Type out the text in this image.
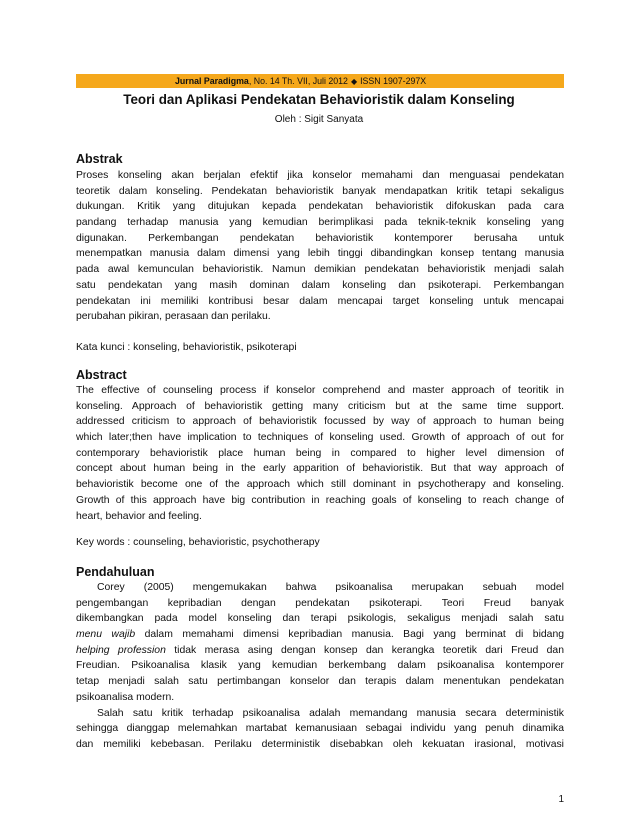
Jurnal Paradigma, No. 14 Th. VII, Juli 2012 ◆ ISSN 1907-297X
Teori dan Aplikasi Pendekatan Behavioristik dalam Konseling
Oleh : Sigit Sanyata
Abstrak
Proses konseling akan berjalan efektif jika konselor memahami dan menguasai pendekatan
teoretik dalam konseling. Pendekatan behavioristik banyak mendapatkan kritik tetapi sekaligus
dukungan. Kritik yang ditujukan kepada pendekatan behavioristik difokuskan pada cara
pandang terhadap manusia yang kemudian berimplikasi pada teknik-teknik konseling yang
digunakan. Perkembangan pendekatan behavioristik kontemporer berusaha untuk
menempatkan manusia dalam dimensi yang lebih tinggi dibandingkan konsep tentang manusia
pada awal kemunculan behavioristik. Namun demikian pendekatan behavioristik menjadi salah
satu pendekatan yang masih dominan dalam konseling dan psikoterapi. Perkembangan
pendekatan ini memiliki kontribusi besar dalam mencapai target konseling untuk mencapai
perubahan pikiran, perasaan dan perilaku.
Kata kunci : konseling, behavioristik, psikoterapi
Abstract
The effective of counseling process if konselor comprehend and master approach of teoritik in
konseling. Approach of behavioristik getting many criticism but at the same time support.
addressed criticism to approach of behavioristik focussed by way of approach to human being
which later;then have implication to techniques of konseling used. Growth of approach of out for
contemporary behavioristik place human being in compared to higher level dimension of
concept about human being in the early apparition of behavioristik. But that way approach of
behavioristik become one of the approach which still dominant in psychotherapy and konseling.
Growth of this approach have big contribution in reaching goals of konseling to reach change of
heart, behavior and feeling.
Key words : counseling, behavioristic, psychotherapy
Pendahuluan
Corey (2005) mengemukakan bahwa psikoanalisa merupakan sebuah model
pengembangan kepribadian dengan pendekatan psikoterapi. Teori Freud banyak
dikembangkan pada model konseling dan terapi psikologis, sekaligus menjadi salah satu
menu wajib dalam memahami dimensi kepribadian manusia. Bagi yang berminat di bidang
helping profession tidak merasa asing dengan konsep dan kerangka teoretik dari Freud dan
Freudian. Psikoanalisa klasik yang kemudian berkembang dalam psikoanalisa kontemporer
tetap menjadi salah satu pertimbangan konselor dan terapis dalam menentukan pendekatan
psikoanalisa modern.
Salah satu kritik terhadap psikoanalisa adalah memandang manusia secara deterministik
sehingga dianggap melemahkan martabat kemanusiaan sebagai individu yang penuh dinamika
dan memiliki kebebasan. Perilaku deterministik disebabkan oleh kekuatan irasional, motivasi
1
